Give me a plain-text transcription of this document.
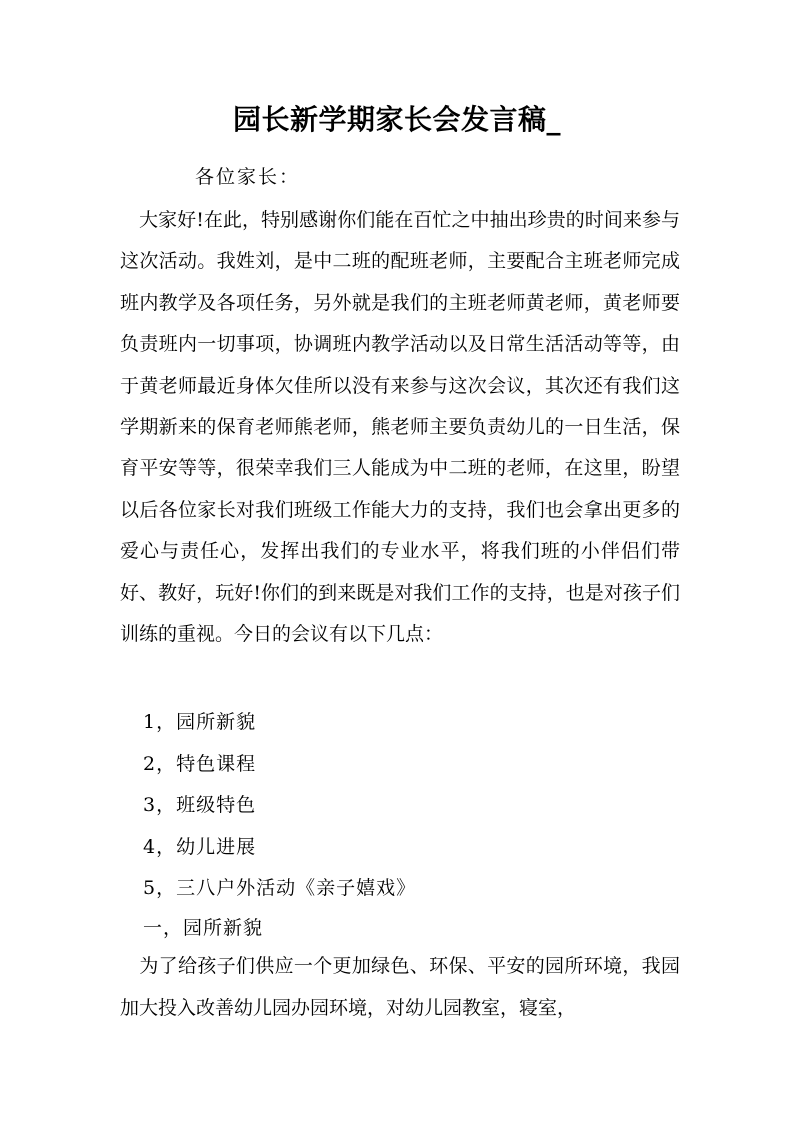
园长新学期家长会发言稿_
各位家长：

　大家好!在此，特别感谢你们能在百忙之中抽出珍贵的时间来参与这次活动。我姓刘，是中二班的配班老师，主要配合主班老师完成班内教学及各项任务，另外就是我们的主班老师黄老师，黄老师要负责班内一切事项，协调班内教学活动以及日常生活活动等等，由于黄老师最近身体欠佳所以没有来参与这次会议，其次还有我们这学期新来的保育老师熊老师，熊老师主要负责幼儿的一日生活，保育平安等等，很荣幸我们三人能成为中二班的老师，在这里，盼望以后各位家长对我们班级工作能大力的支持，我们也会拿出更多的爱心与责任心，发挥出我们的专业水平，将我们班的小伴侣们带好、教好，玩好!你们的到来既是对我们工作的支持，也是对孩子们训练的重视。今日的会议有以下几点：

1，园所新貌
2，特色课程
3，班级特色
4，幼儿进展
5，三八户外活动《亲子嬉戏》
一，园所新貌

　为了给孩子们供应一个更加绿色、环保、平安的园所环境，我园加大投入改善幼儿园办园环境，对幼儿园教室，寝室，
